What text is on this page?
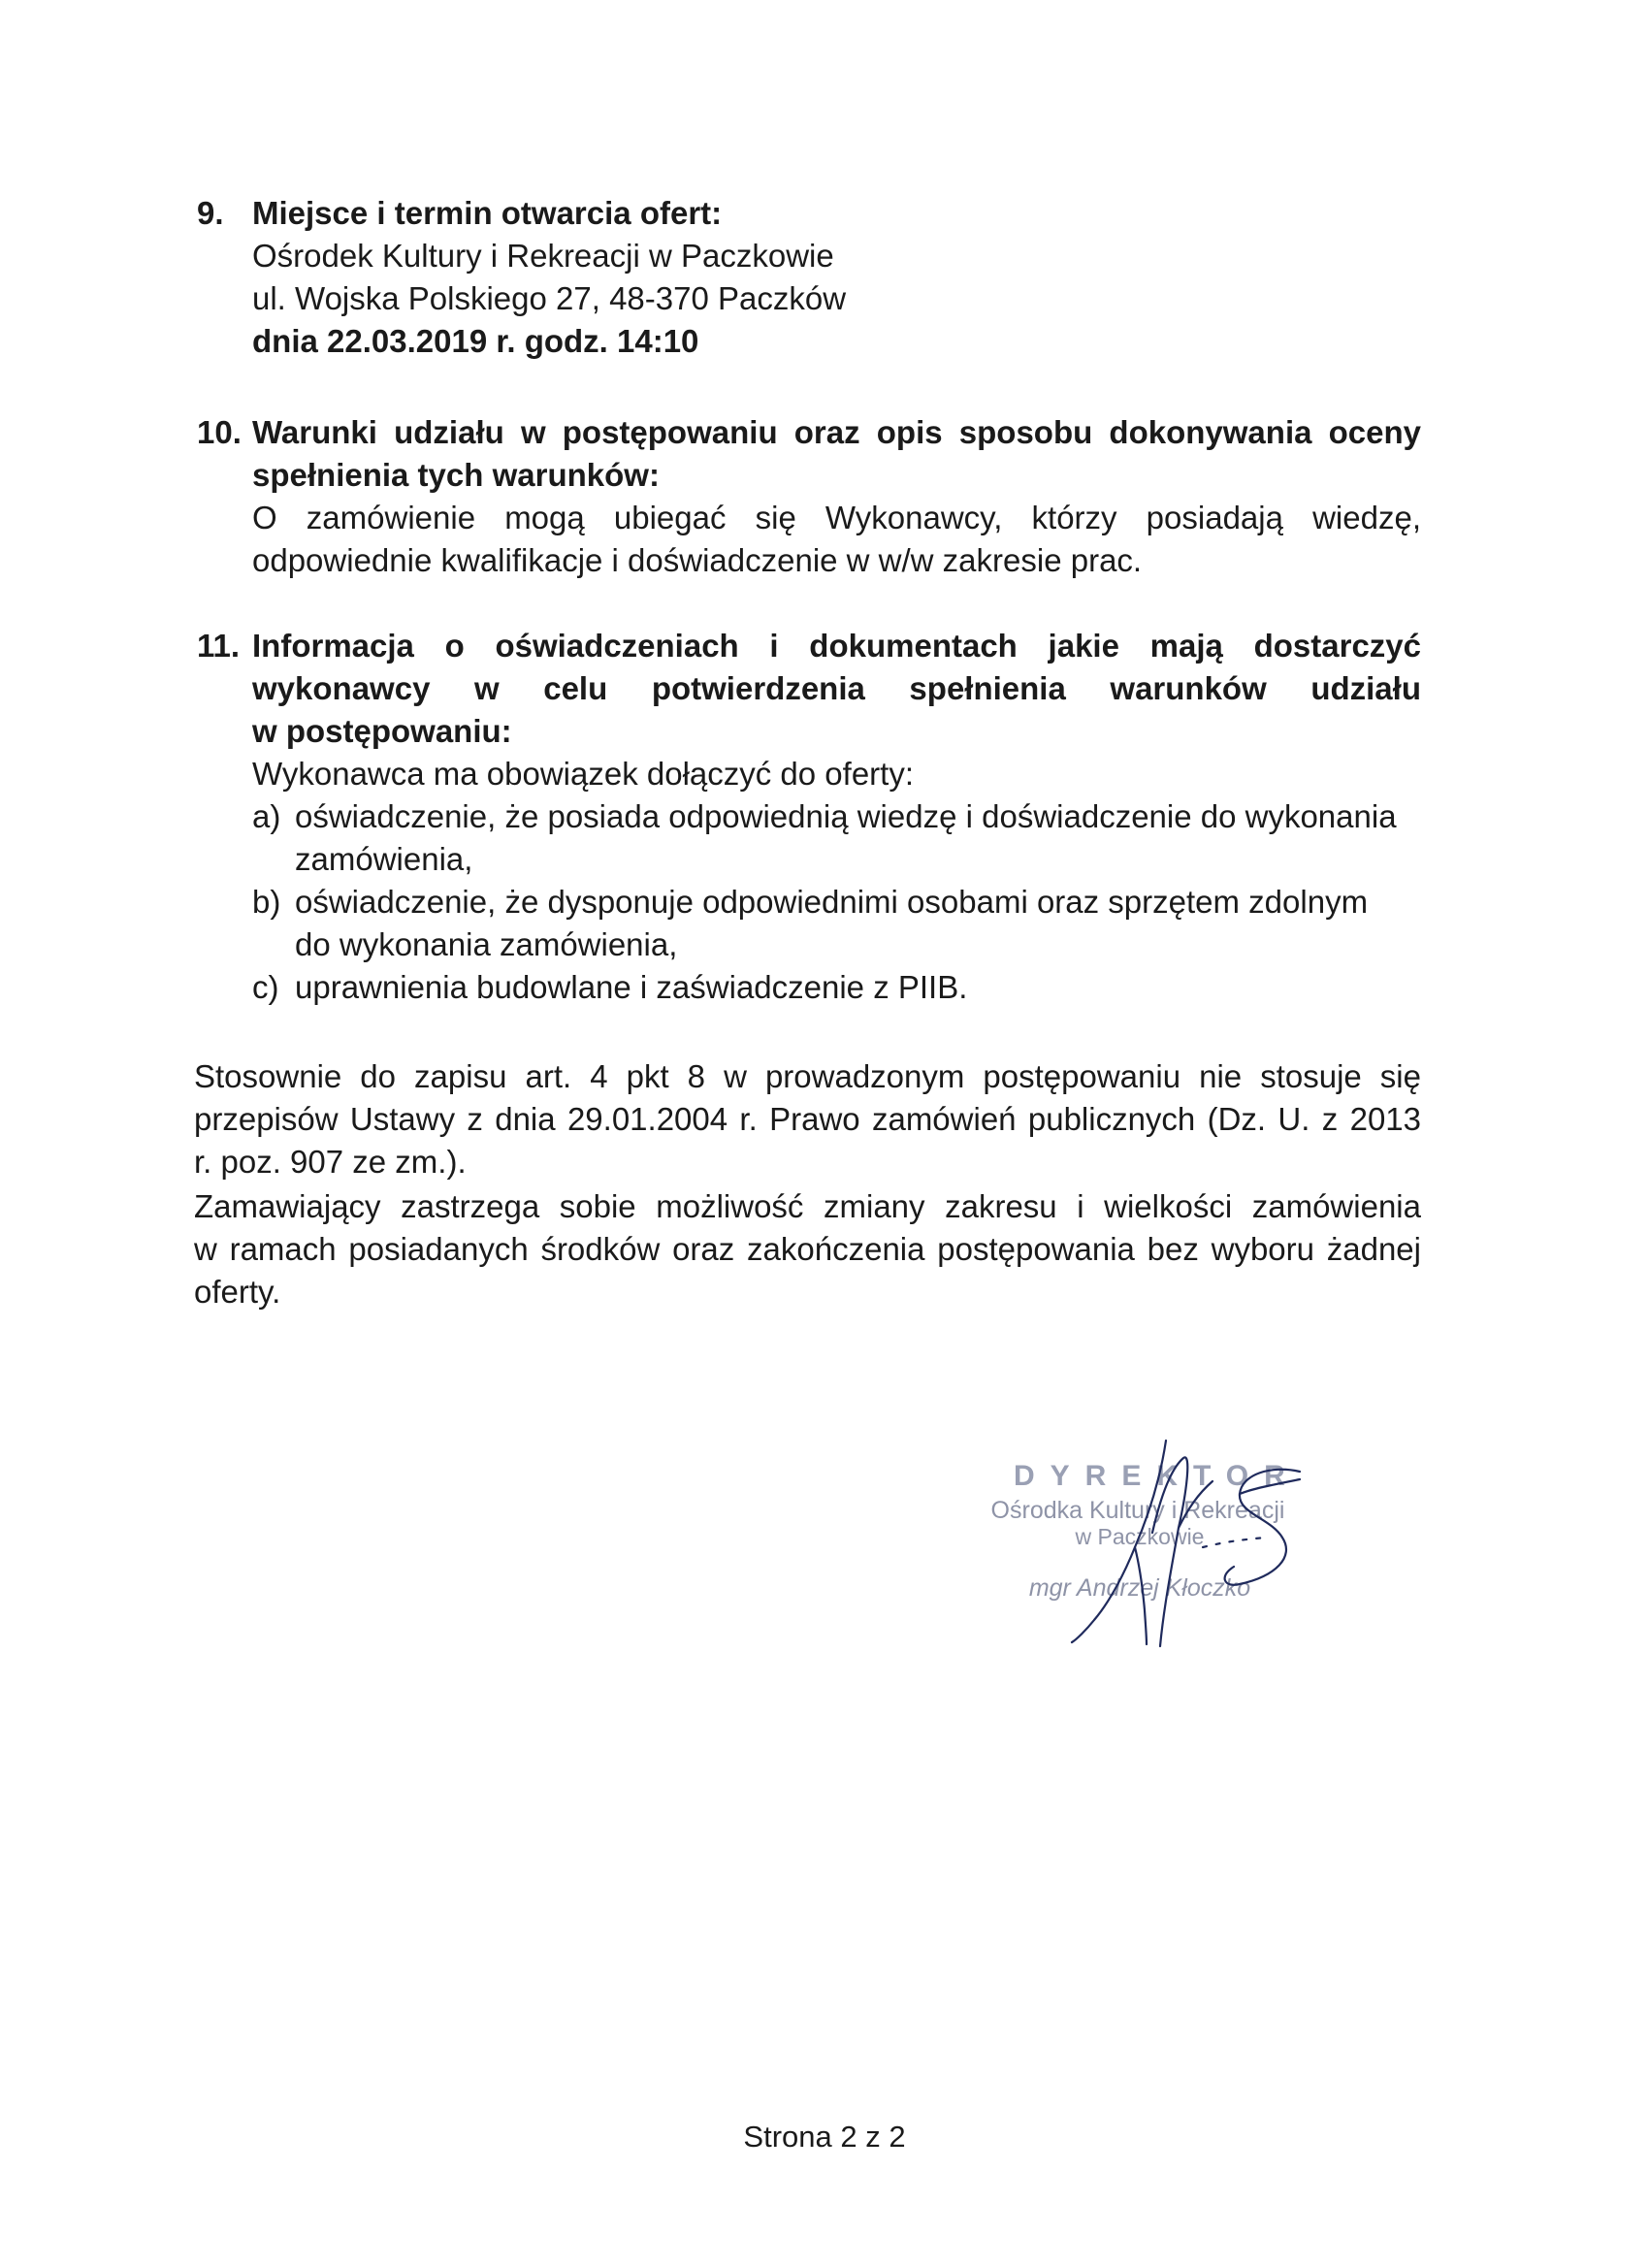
9. Miejsce i termin otwarcia ofert:
Ośrodek Kultury i Rekreacji w Paczkowie
ul. Wojska Polskiego 27, 48-370 Paczków
dnia 22.03.2019 r. godz. 14:10
10. Warunki udziału w postępowaniu oraz opis sposobu dokonywania oceny
spełnienia tych warunków:
O zamówienie mogą ubiegać się Wykonawcy, którzy posiadają wiedzę,
odpowiednie kwalifikacje i doświadczenie w w/w zakresie prac.
11. Informacja o oświadczeniach i dokumentach jakie mają dostarczyć
wykonawcy w celu potwierdzenia spełnienia warunków udziału
w postępowaniu:
Wykonawca ma obowiązek dołączyć do oferty:
a) oświadczenie, że posiada odpowiednią wiedzę i doświadczenie do wykonania
zamówienia,
b) oświadczenie, że dysponuje odpowiednimi osobami oraz sprzętem zdolnym
do wykonania zamówienia,
c) uprawnienia budowlane i zaświadczenie z PIIB.
Stosownie do zapisu art. 4 pkt 8 w prowadzonym postępowaniu nie stosuje się
przepisów Ustawy z dnia 29.01.2004 r. Prawo zamówień publicznych (Dz. U. z 2013
r. poz. 907 ze zm.).
Zamawiający zastrzega sobie możliwość zmiany zakresu i wielkości zamówienia
w ramach posiadanych środków oraz zakończenia postępowania bez wyboru żadnej
oferty.
DYREKTOR
Ośrodka Kultury i Rekreacji
w Paczkowie
mgr Andrzej Kłoczko
Strona 2 z 2
